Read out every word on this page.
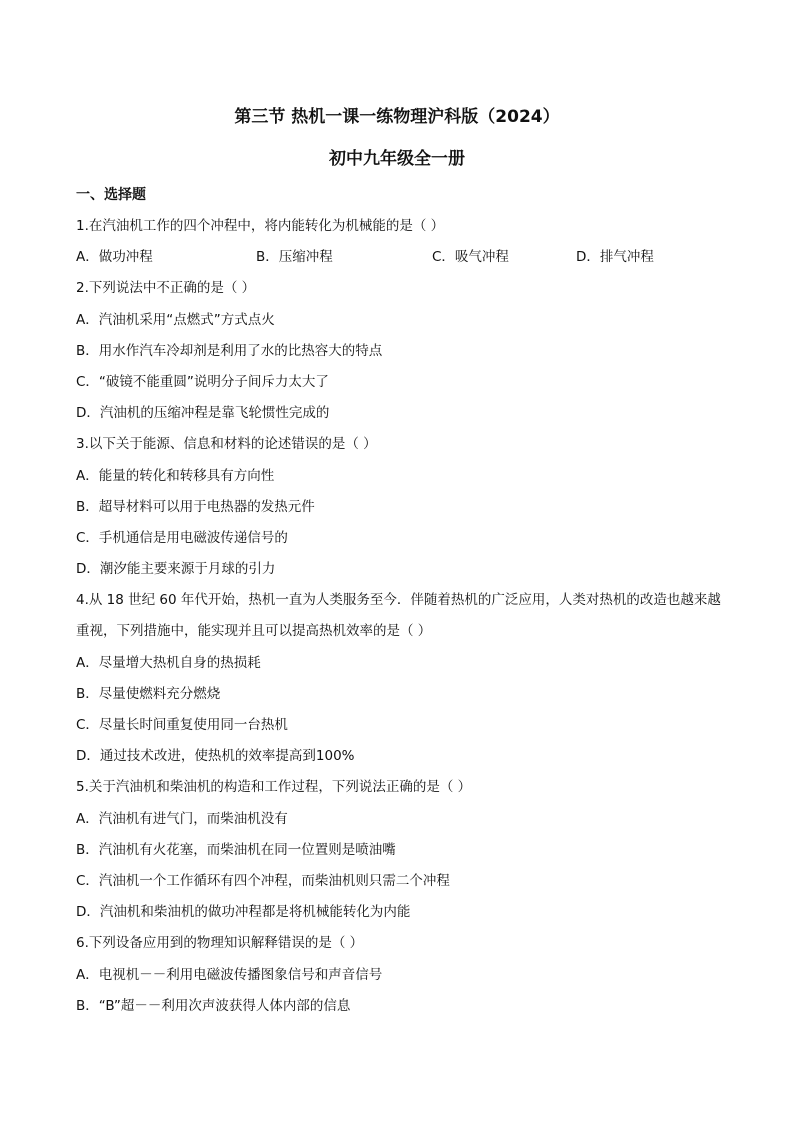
第三节 热机一课一练物理沪科版（2024）
初中九年级全一册
一、选择题
1.在汽油机工作的四个冲程中，将内能转化为机械能的是（ ）
A．做功冲程	B．压缩冲程	C．吸气冲程	D．排气冲程
2.下列说法中不正确的是（ ）
A．汽油机采用“点燃式”方式点火
B．用水作汽车冷却剂是利用了水的比热容大的特点
C．“破镜不能重圆”说明分子间斥力太大了
D．汽油机的压缩冲程是靠飞轮惯性完成的
3.以下关于能源、信息和材料的论述错误的是（ ）
A．能量的转化和转移具有方向性
B．超导材料可以用于电热器的发热元件
C．手机通信是用电磁波传递信号的
D．潮汐能主要来源于月球的引力
4.从 18 世纪 60 年代开始，热机一直为人类服务至今．伴随着热机的广泛应用，人类对热机的改造也越来越重视，下列措施中，能实现并且可以提高热机效率的是（ ）
A．尽量增大热机自身的热损耗
B．尽量使燃料充分燃烧
C．尽量长时间重复使用同一台热机
D．通过技术改进，使热机的效率提高到100%
5.关于汽油机和柴油机的构造和工作过程，下列说法正确的是（ ）
A．汽油机有进气门，而柴油机没有
B．汽油机有火花塞，而柴油机在同一位置则是喷油嘴
C．汽油机一个工作循环有四个冲程，而柴油机则只需二个冲程
D．汽油机和柴油机的做功冲程都是将机械能转化为内能
6.下列设备应用到的物理知识解释错误的是（ ）
A．电视机－－利用电磁波传播图象信号和声音信号
B．“B”超－－利用次声波获得人体内部的信息
